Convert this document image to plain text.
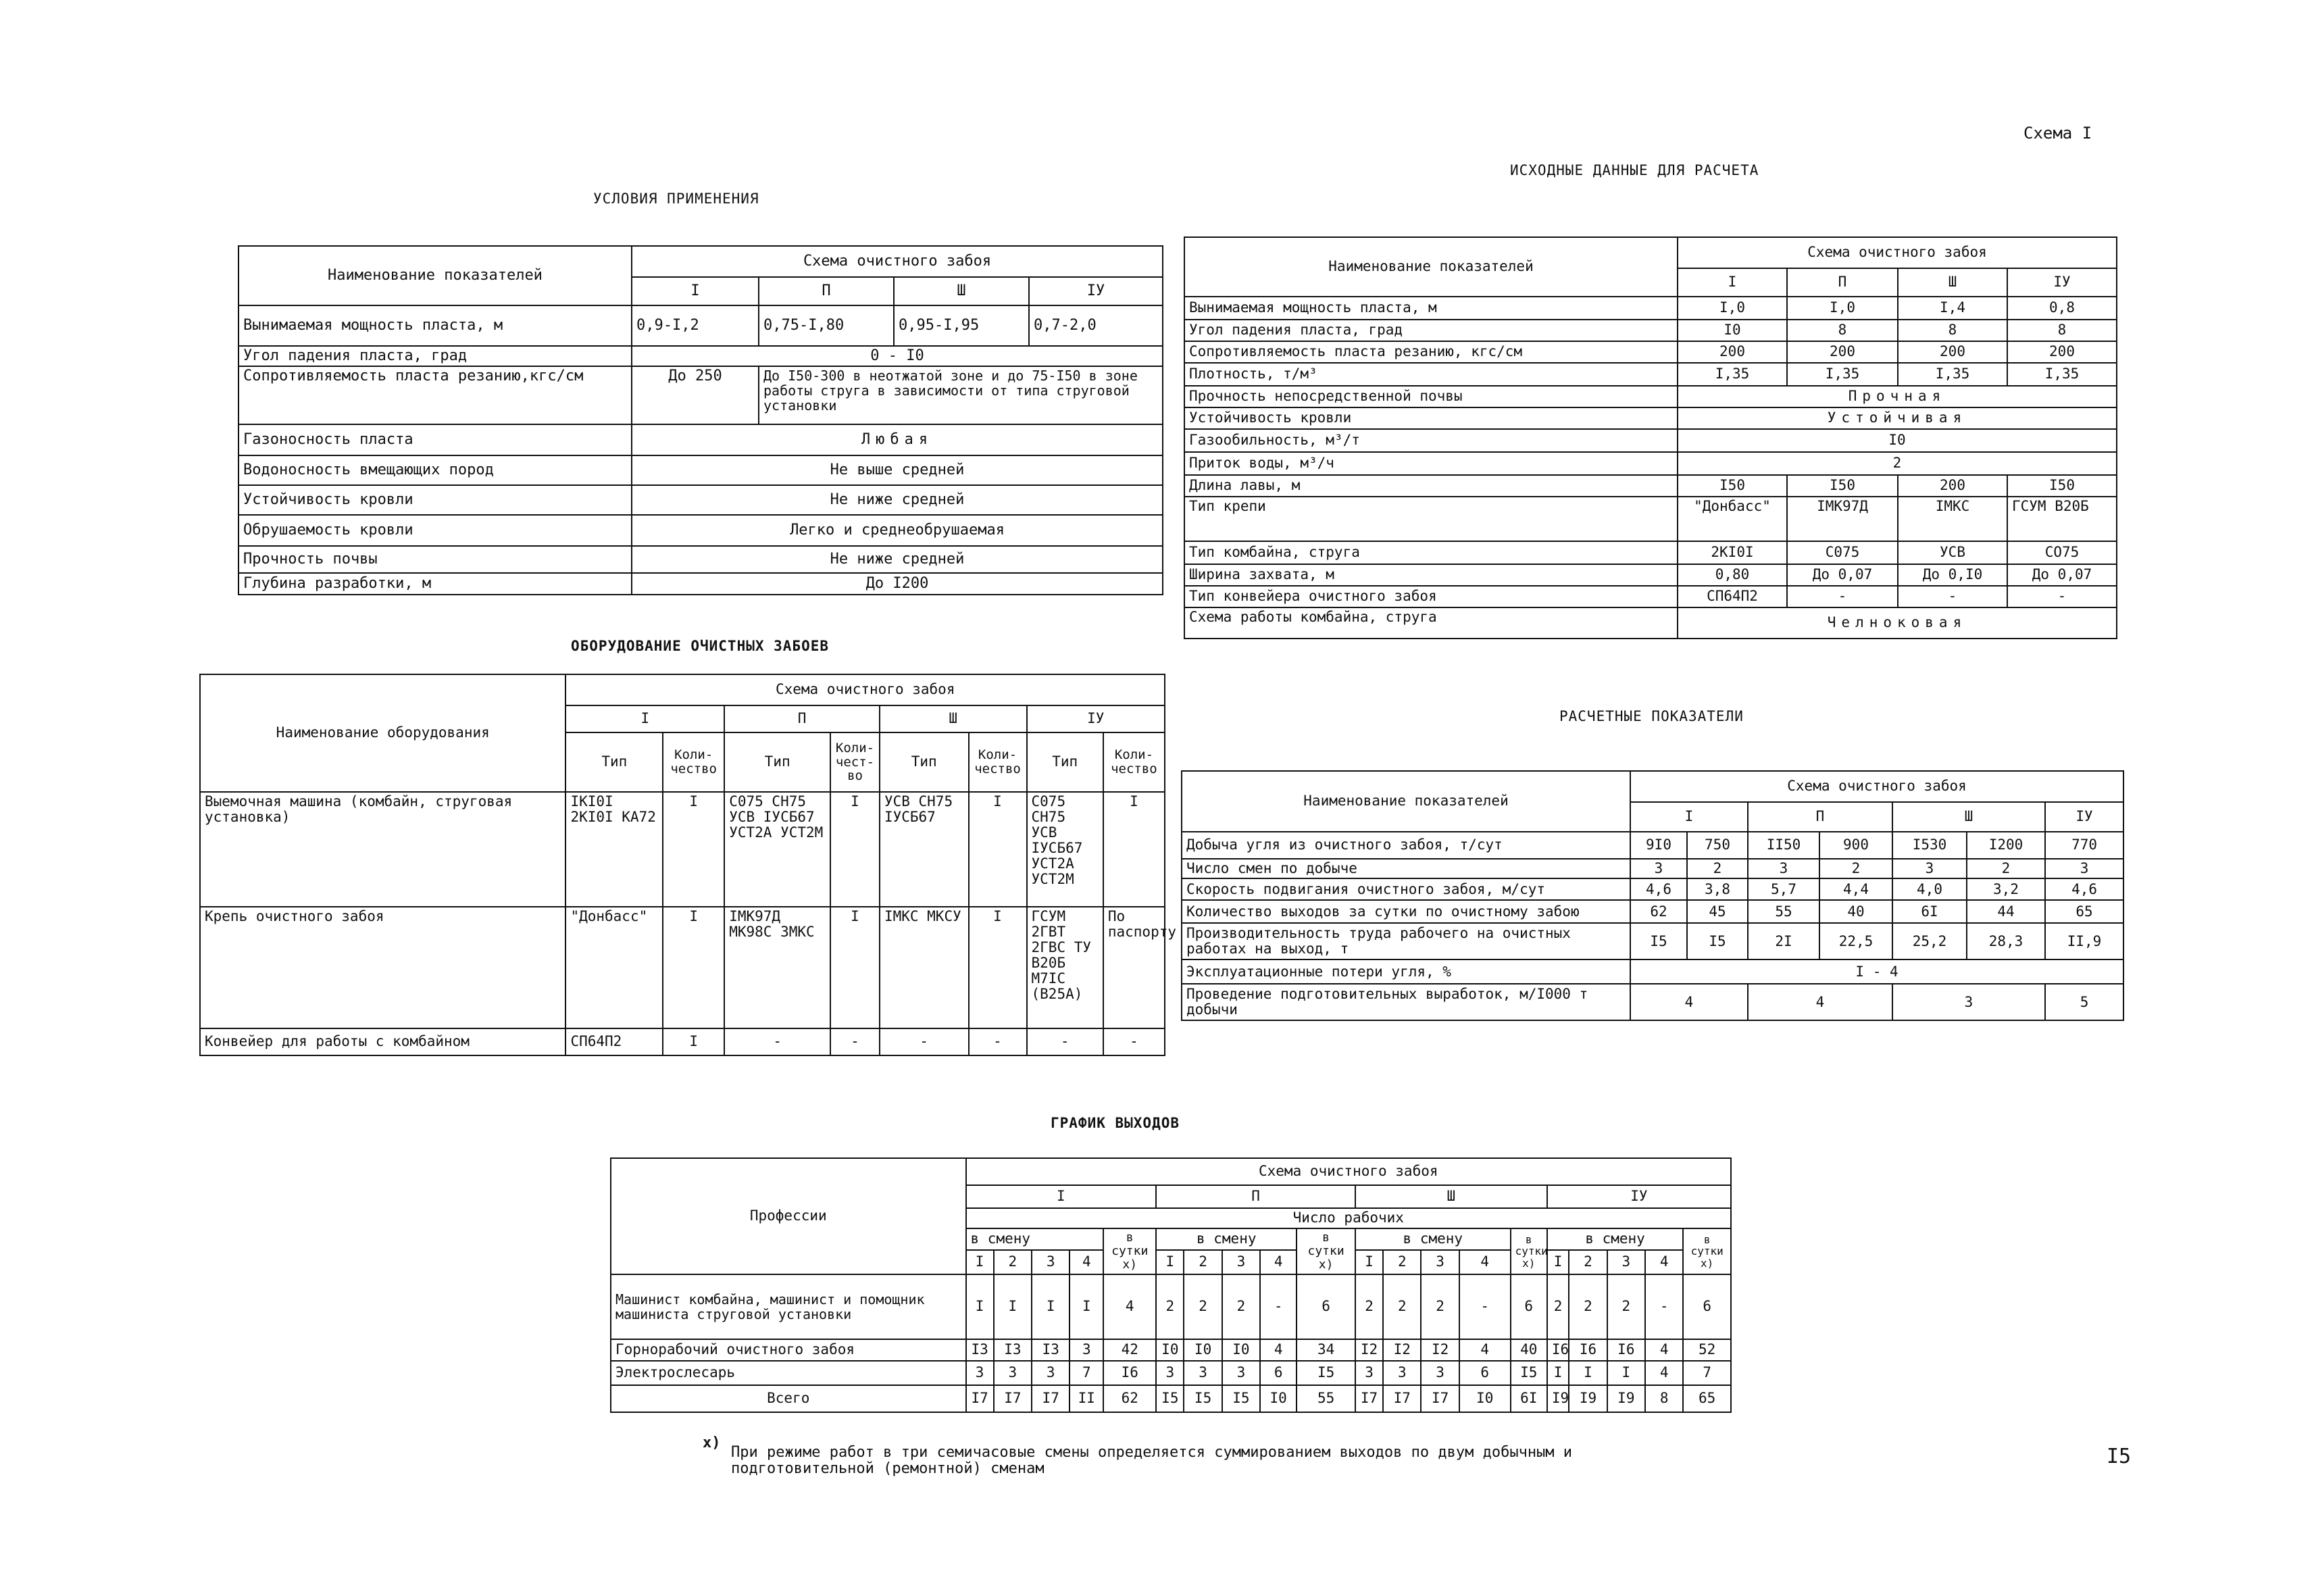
Схема I
I5
УСЛОВИЯ ПРИМЕНЕНИЯ
Наименование показателей	Схема очистного забоя			
	I	П	Ш	IУ
Вынимаемая мощность пласта, м	0,9-I,2	0,75-I,80	0,95-I,95	0,7-2,0
Угол падения пласта, град	0 - I0			
Сопротивляемость пласта резанию,кгс/см	До 250	До I50-300 в неотжатой зоне и до 75-I50 в зоне работы струга в зависимости от типа струговой установки		
Газоносность пласта	Любая			
Водоносность вмещающих пород	Не выше средней			
Устойчивость кровли	Не ниже средней			
Обрушаемость кровли	Легко и среднеобрушаемая			
Прочность почвы	Не ниже средней			
Глубина разработки, м	До I200			
ИСХОДНЫЕ ДАННЫЕ ДЛЯ РАСЧЕТА
Наименование показателей	Схема очистного забоя			
	I	П	Ш	IУ
Вынимаемая мощность пласта, м	I,0	I,0	I,4	0,8
Угол падения пласта, град	I0	8	8	8
Сопротивляемость пласта резанию, кгс/см	200	200	200	200
Плотность, т/м³	I,35	I,35	I,35	I,35
Прочность непосредственной почвы	Прочная			
Устойчивость кровли	Устойчивая			
Газообильность, м³/т	I0			
Приток воды, м³/ч	2			
Длина лавы, м	I50	I50	200	I50
Тип крепи	"Донбасс"	IМК97Д	IМКС	ГСУМ В20Б
Тип комбайна, струга	2КI0I	С075	УСВ	СО75
Ширина захвата, м	0,80	До 0,07	До 0,I0	До 0,07
Тип конвейера очистного забоя	СП64П2	-	-	-
Схема работы комбайна, струга	Челноковая			
ОБОРУДОВАНИЕ ОЧИСТНЫХ ЗАБОЕВ
Наименование оборудования	Схема очистного забоя							
	I		П		Ш		IУ	
	Тип	Коли-чество	Тип	Коли-чест-во	Тип	Коли-чество	Тип	Коли-чество
Выемочная машина (комбайн, струговая установка)	IКI0I 2КI0I КА72	I	С075 СН75 УСВ IУСБ67 УСТ2А УСТ2М	I	УСВ СН75 IУСБ67	I	С075 СН75 УСВ IУСБ67 УСТ2А УСТ2М	I
Крепь очистного забоя	"Донбасс"	I	IМК97Д МК98С 3МКС	I	IМКС МКСУ	I	ГСУМ 2ГВТ 2ГВС ТУ В20Б М7IС (В25А)	По паспорту
Конвейер для работы с комбайном	СП64П2	I	-	-	-	-	-	-
РАСЧЕТНЫЕ ПОКАЗАТЕЛИ
Наименование показателей	Схема очистного забоя						
	I		П		Ш		IУ
Добыча угля из очистного забоя, т/сут	9I0	750	II50	900	I530	I200	770
Число смен по добыче	3	2	3	2	3	2	3
Скорость подвигания очистного забоя, м/сут	4,6	3,8	5,7	4,4	4,0	3,2	4,6
Количество выходов за сутки по очистному забою	62	45	55	40	6I	44	65
Производительность труда рабочего на очистных работах на выход, т	I5	I5	2I	22,5	25,2	28,3	II,9
Эксплуатационные потери угля, %	I - 4						
Проведение подготовительных выработок, м/I000 т добычи	4		4		3		5
ГРАФИК ВЫХОДОВ
Профессии	Схема очистного забоя																			
	I					П					Ш					IУ				
	Число рабочих																			
	в смену				в сутки х)	в смену				в сутки х)	в смену				в сутки х)	в смену				в сутки х)
	I	2	3	4		I	2	3	4		I	2	3	4		I	2	3	4	
Машинист комбайна, машинист и помощник машиниста струговой установки	I	I	I	I	4	2	2	2	-	6	2	2	2	-	6	2	2	2	-	6
Горнорабочий очистного забоя	I3	I3	I3	3	42	I0	I0	I0	4	34	I2	I2	I2	4	40	I6	I6	I6	4	52
Электрослесарь	3	3	3	7	I6	3	3	3	6	I5	3	3	3	6	I5	I	I	I	4	7
Всего	I7	I7	I7	II	62	I5	I5	I5	I0	55	I7	I7	I7	I0	6I	I9	I9	I9	8	65
х)
При режиме работ в три семичасовые смены определяется суммированием выходов по двум добычным и подготовительной (ремонтной) сменам
